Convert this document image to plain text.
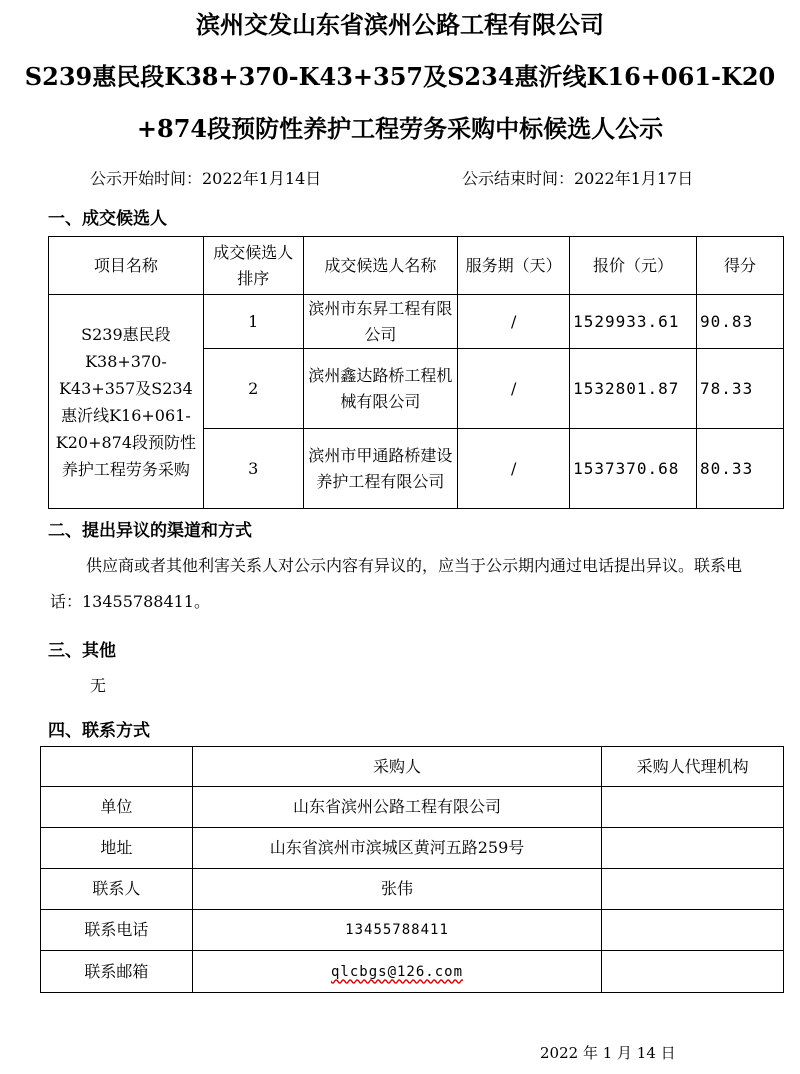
滨州交发山东省滨州公路工程有限公司
S239惠民段K38+370-K43+357及S234惠沂线K16+061-K20
+874段预防性养护工程劳务采购中标候选人公示
公示开始时间：2022年1月14日	公示结束时间：2022年1月17日
一、成交候选人
项目名称	成交候选人排序	成交候选人名称	服务期（天）	报价（元）	得分
S239惠民段K38+370-K43+357及S234惠沂线K16+061-K20+874段预防性养护工程劳务采购	1	滨州市东昇工程有限公司	/	1529933.61	90.83
	2	滨州鑫达路桥工程机械有限公司	/	1532801.87	78.33
	3	滨州市甲通路桥建设养护工程有限公司	/	1537370.68	80.33
二、提出异议的渠道和方式
供应商或者其他利害关系人对公示内容有异议的，应当于公示期内通过电话提出异议。联系电话：13455788411。
三、其他
无
四、联系方式
	采购人	采购人代理机构
单位	山东省滨州公路工程有限公司	
地址	山东省滨州市滨城区黄河五路259号	
联系人	张伟	
联系电话	13455788411	
联系邮箱	qlcbgs@126.com	
2022 年 1 月 14 日
